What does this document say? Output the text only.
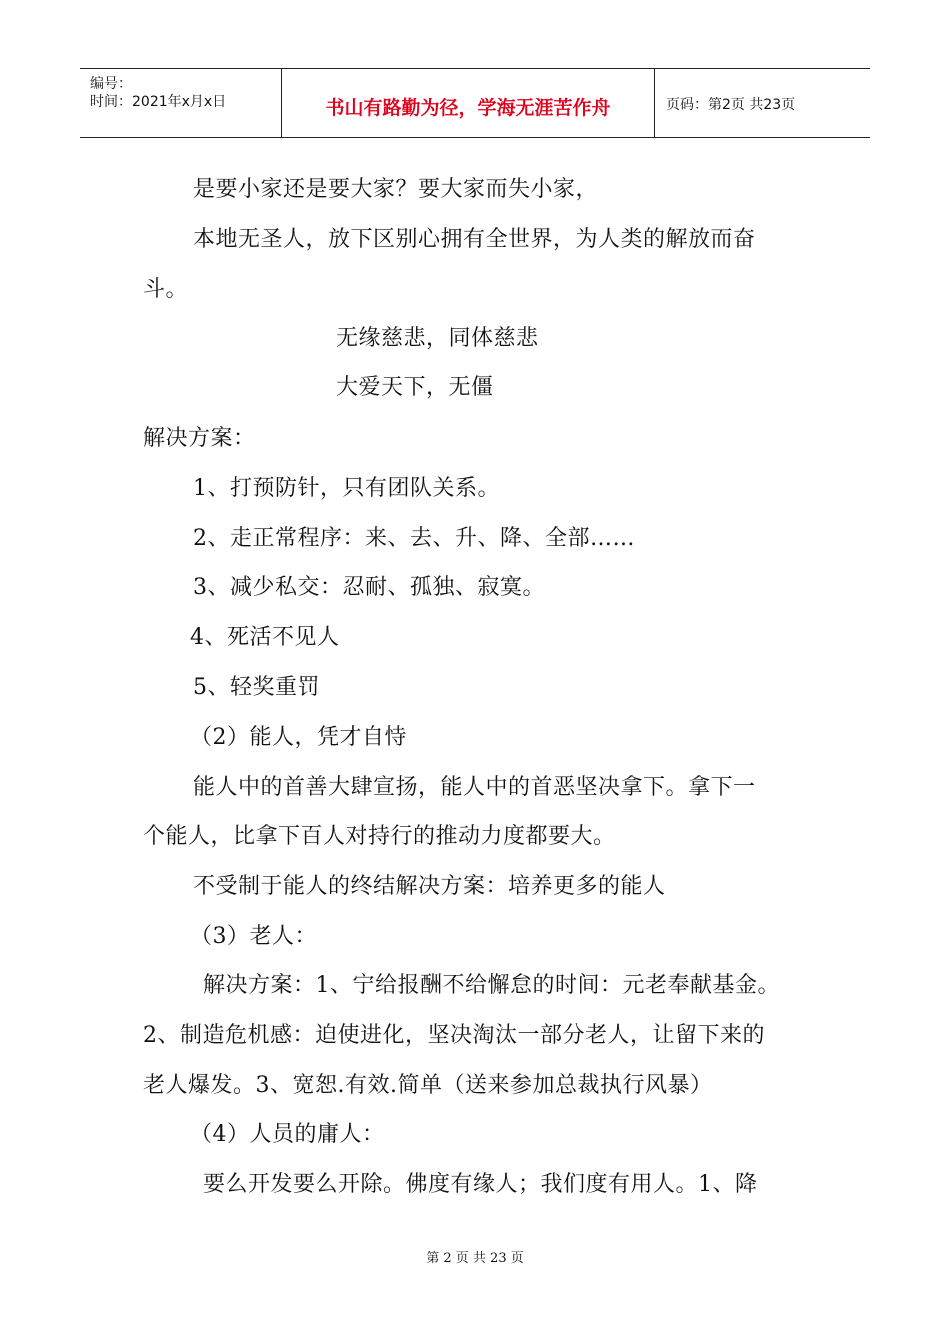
编号：
时间：2021年x月x日	书山有路勤为径，学海无涯苦作舟	页码：第2页 共23页
是要小家还是要大家？要大家而失小家，
本地无圣人，放下区别心拥有全世界，为人类的解放而奋
斗。
无缘慈悲，同体慈悲
大爱天下，无僵
解决方案：
1、打预防针，只有团队关系。
2、走正常程序：来、去、升、降、全部……
3、减少私交：忍耐、孤独、寂寞。
4、死活不见人
5、轻奖重罚
（2）能人，凭才自恃
能人中的首善大肆宣扬，能人中的首恶坚决拿下。拿下一
个能人，比拿下百人对持行的推动力度都要大。
不受制于能人的终结解决方案：培养更多的能人
（3）老人：
解决方案：1、宁给报酬不给懈怠的时间：元老奉献基金。
2、制造危机感：迫使进化，坚决淘汰一部分老人，让留下来的
老人爆发。3、宽恕.有效.简单（送来参加总裁执行风暴）
（4）人员的庸人：
要么开发要么开除。佛度有缘人；我们度有用人。1、降
第 2 页 共 23 页
